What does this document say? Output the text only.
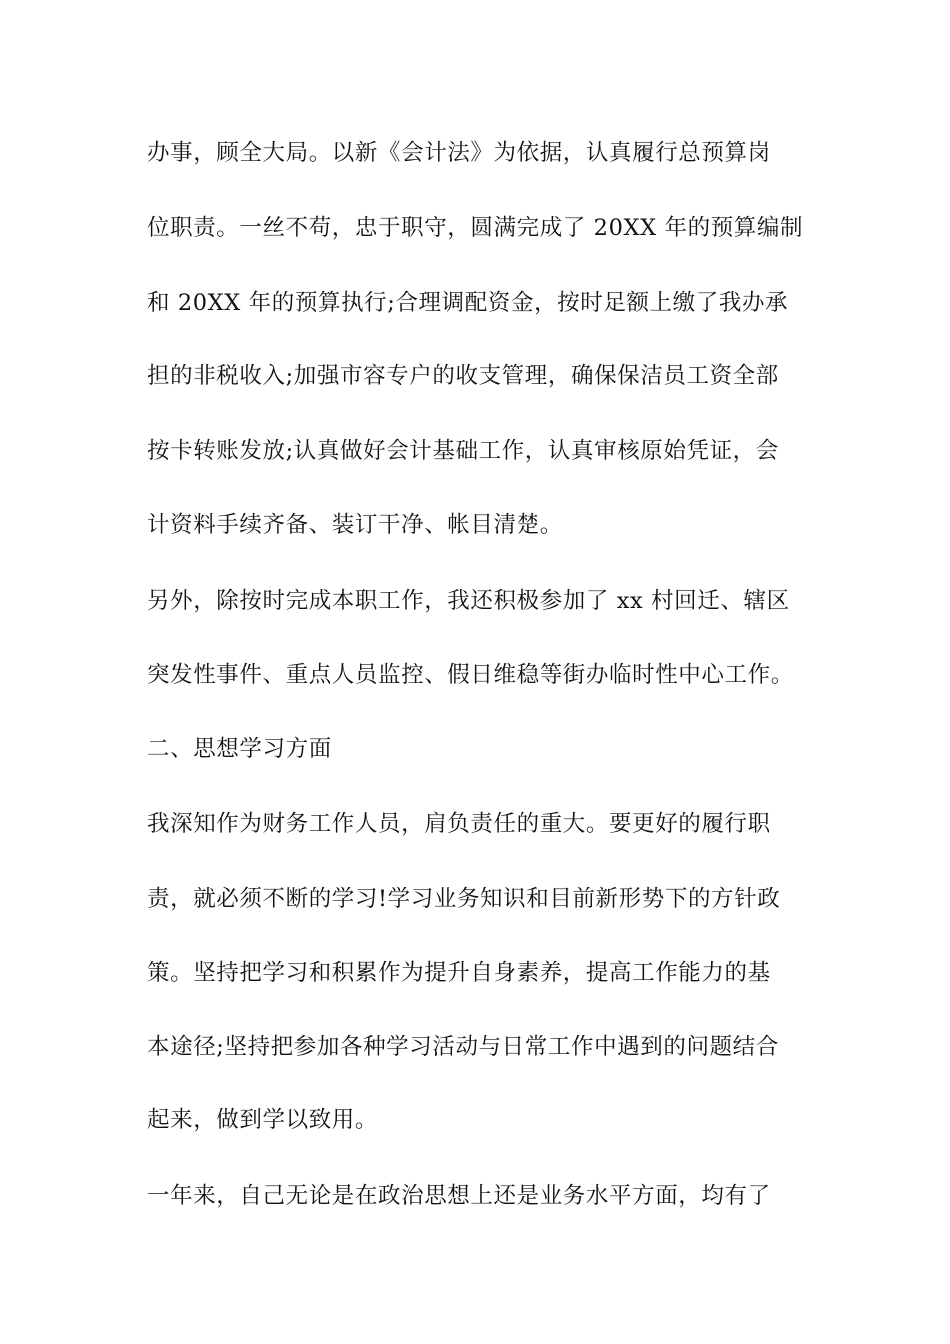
办事，顾全大局。以新《会计法》为依据，认真履行总预算岗
位职责。一丝不苟，忠于职守，圆满完成了 20XX 年的预算编制
和 20XX 年的预算执行;合理调配资金，按时足额上缴了我办承
担的非税收入;加强市容专户的收支管理，确保保洁员工资全部
按卡转账发放;认真做好会计基础工作，认真审核原始凭证，会
计资料手续齐备、装订干净、帐目清楚。
另外，除按时完成本职工作，我还积极参加了 xx 村回迁、辖区
突发性事件、重点人员监控、假日维稳等街办临时性中心工作。
二、思想学习方面
我深知作为财务工作人员，肩负责任的重大。要更好的履行职
责，就必须不断的学习!学习业务知识和目前新形势下的方针政
策。坚持把学习和积累作为提升自身素养，提高工作能力的基
本途径;坚持把参加各种学习活动与日常工作中遇到的问题结合
起来，做到学以致用。
一年来，自己无论是在政治思想上还是业务水平方面，均有了
